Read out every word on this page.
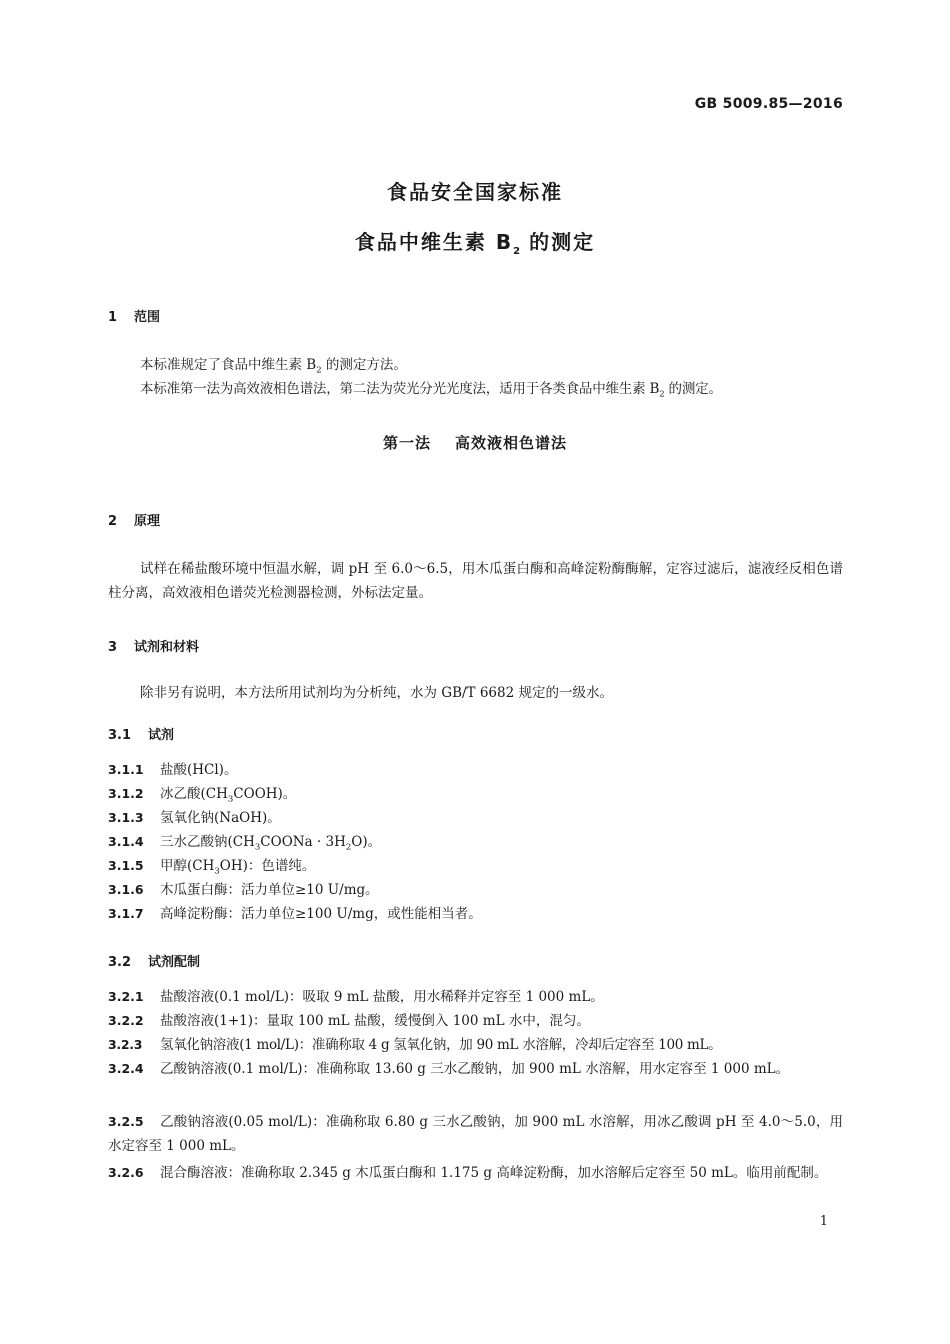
GB 5009.85—2016
食品安全国家标准
食品中维生素 $B_2$ 的测定
1 范围
本标准规定了食品中维生素 $B_2$ 的测定方法。
本标准第一法为高效液相色谱法，第二法为荧光分光光度法，适用于各类食品中维生素 $B_2$ 的测定。
第一法 高效液相色谱法
2 原理
试样在稀盐酸环境中恒温水解，调 pH 至 6.0～6.5，用木瓜蛋白酶和高峰淀粉酶酶解，定容过滤后，滤液经反相色谱柱分离，高效液相色谱荧光检测器检测，外标法定量。
3 试剂和材料
除非另有说明，本方法所用试剂均为分析纯，水为 GB/T 6682 规定的一级水。
3.1 试剂
3.1.1 盐酸(HCl)。
3.1.2 冰乙酸$(CH_3COOH)$。
3.1.3 氢氧化钠(NaOH)。
3.1.4 三水乙酸钠$(CH_3COONa \cdot 3H_2O)$。
3.1.5 甲醇$(CH_3OH)$：色谱纯。
3.1.6 木瓜蛋白酶：活力单位≥10 U/mg。
3.1.7 高峰淀粉酶：活力单位≥100 U/mg，或性能相当者。
3.2 试剂配制
3.2.1 盐酸溶液(0.1 mol/L)：吸取 9 mL 盐酸，用水稀释并定容至 1 000 mL。
3.2.2 盐酸溶液(1+1)：量取 100 mL 盐酸，缓慢倒入 100 mL 水中，混匀。
3.2.3 氢氧化钠溶液(1 mol/L)：准确称取 4 g 氢氧化钠，加 90 mL 水溶解，冷却后定容至 100 mL。
3.2.4 乙酸钠溶液(0.1 mol/L)：准确称取 13.60 g 三水乙酸钠，加 900 mL 水溶解，用水定容至 1 000 mL。
3.2.5 乙酸钠溶液(0.05 mol/L)：准确称取 6.80 g 三水乙酸钠，加 900 mL 水溶解，用冰乙酸调 pH 至 4.0～5.0，用水定容至 1 000 mL。
3.2.6 混合酶溶液：准确称取 2.345 g 木瓜蛋白酶和 1.175 g 高峰淀粉酶，加水溶解后定容至 50 mL。临用前配制。
1
